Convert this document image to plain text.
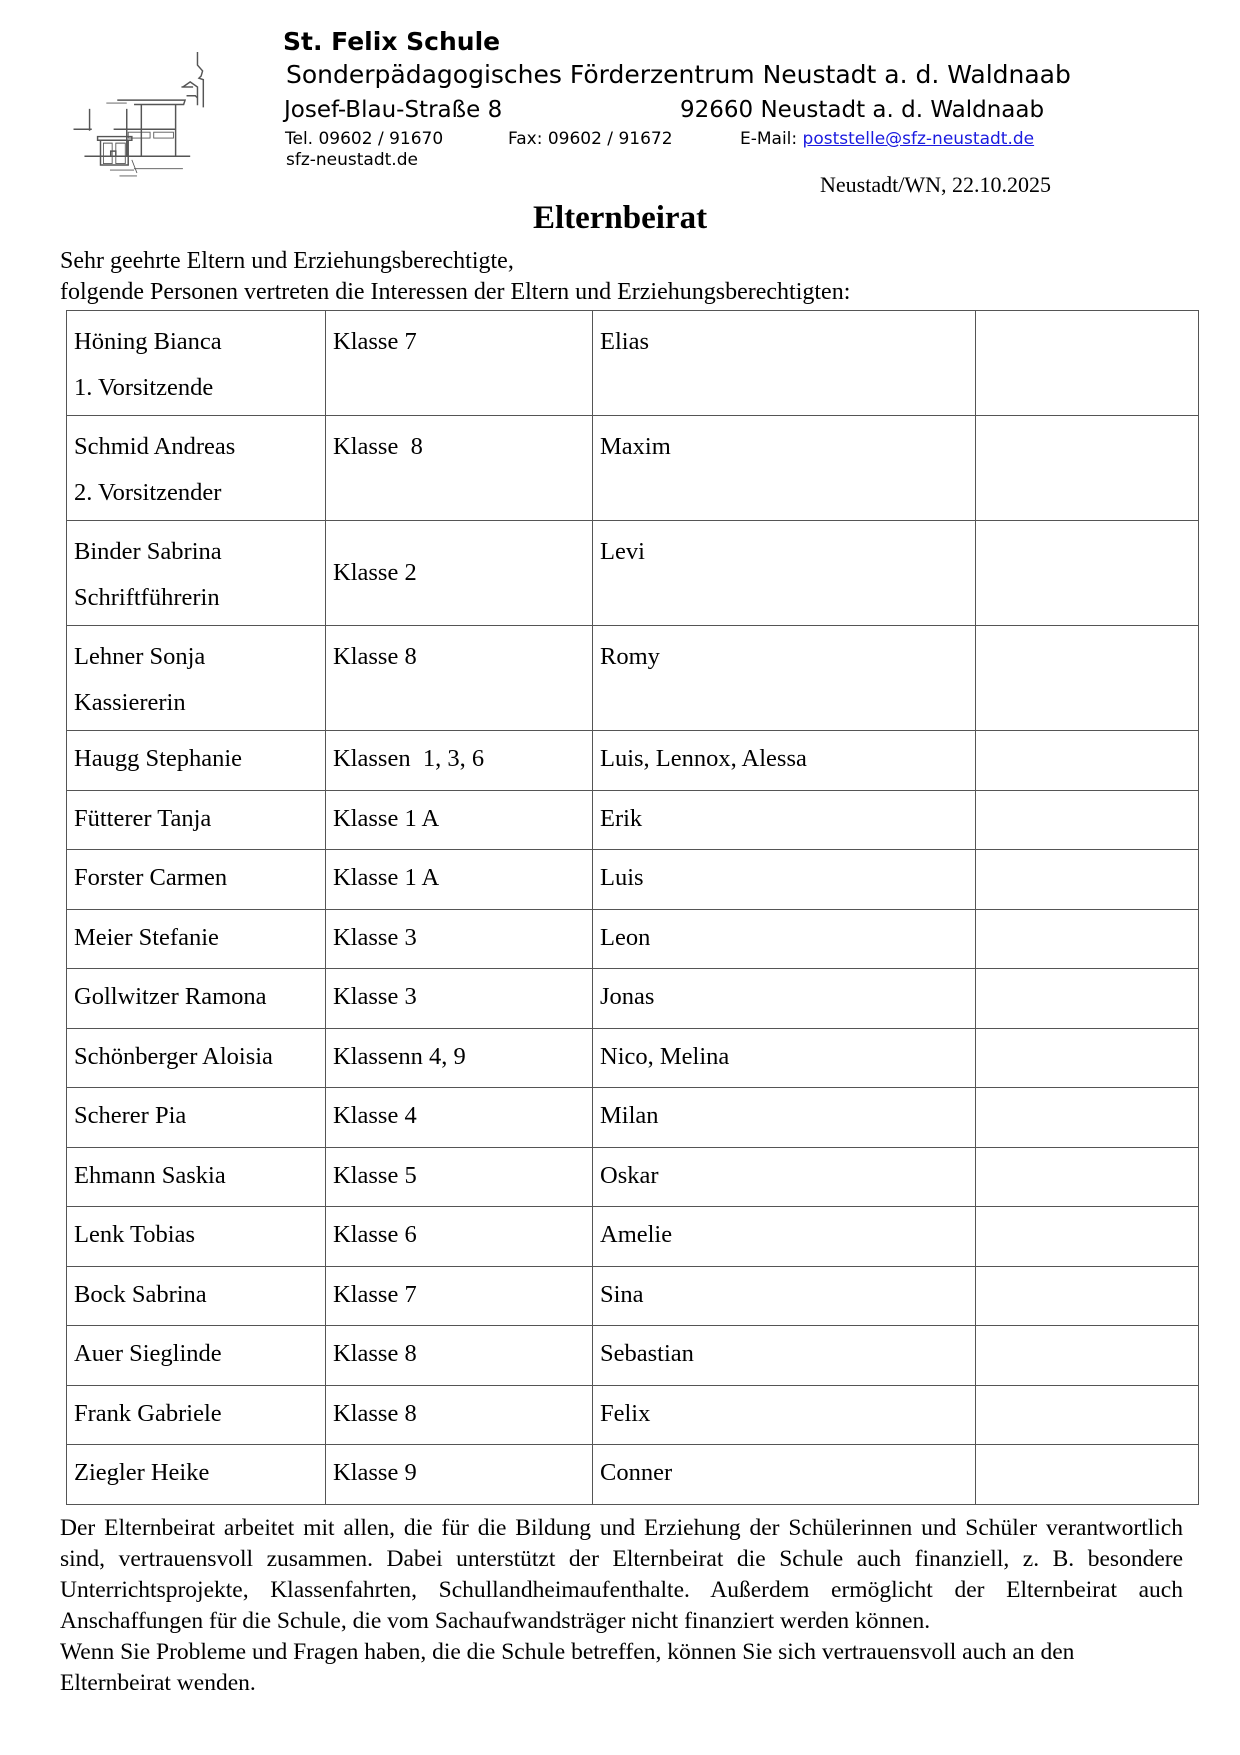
St. Felix Schule
Sonderpädagogisches Förderzentrum Neustadt a. d. Waldnaab
Josef-Blau-Straße 8	92660 Neustadt a. d. Waldnaab
Tel. 09602 / 91670	Fax: 09602 / 91672	E-Mail: poststelle@sfz-neustadt.de
sfz-neustadt.de
Neustadt/WN, 22.10.2025
Elternbeirat
Sehr geehrte Eltern und Erziehungsberechtigte,
folgende Personen vertreten die Interessen der Eltern und Erziehungsberechtigten:
Höning Bianca
1. Vorsitzende	Klasse 7	Elias	

Schmid Andreas
2. Vorsitzender	Klasse  8	Maxim	

Binder Sabrina
Schriftführerin	Klasse 2	Levi	

Lehner Sonja
Kassiererin	Klasse 8	Romy	
Haugg Stephanie	Klassen  1, 3, 6	Luis, Lennox, Alessa	
Fütterer Tanja	Klasse 1 A	Erik	
Forster Carmen	Klasse 1 A	Luis	
Meier Stefanie	Klasse 3	Leon	
Gollwitzer Ramona	Klasse 3	Jonas	
Schönberger Aloisia	Klassenn 4, 9	Nico, Melina	
Scherer Pia	Klasse 4	Milan	
Ehmann Saskia	Klasse 5	Oskar	
Lenk Tobias	Klasse 6	Amelie	
Bock Sabrina	Klasse 7	Sina	
Auer Sieglinde	Klasse 8	Sebastian	
Frank Gabriele	Klasse 8	Felix	
Ziegler Heike	Klasse 9	Conner	

Der Elternbeirat arbeitet mit allen, die für die Bildung und Erziehung der Schülerinnen und Schüler verantwortlich sind, vertrauensvoll zusammen. Dabei unterstützt der Elternbeirat die Schule auch finanziell, z. B. besondere Unterrichtsprojekte, Klassenfahrten, Schullandheimaufenthalte. Außerdem ermöglicht der Elternbeirat auch Anschaffungen für die Schule, die vom Sachaufwandsträger nicht finanziert werden können.

Wenn Sie Probleme und Fragen haben, die die Schule betreffen, können Sie sich vertrauensvoll auch an den Elternbeirat wenden.
